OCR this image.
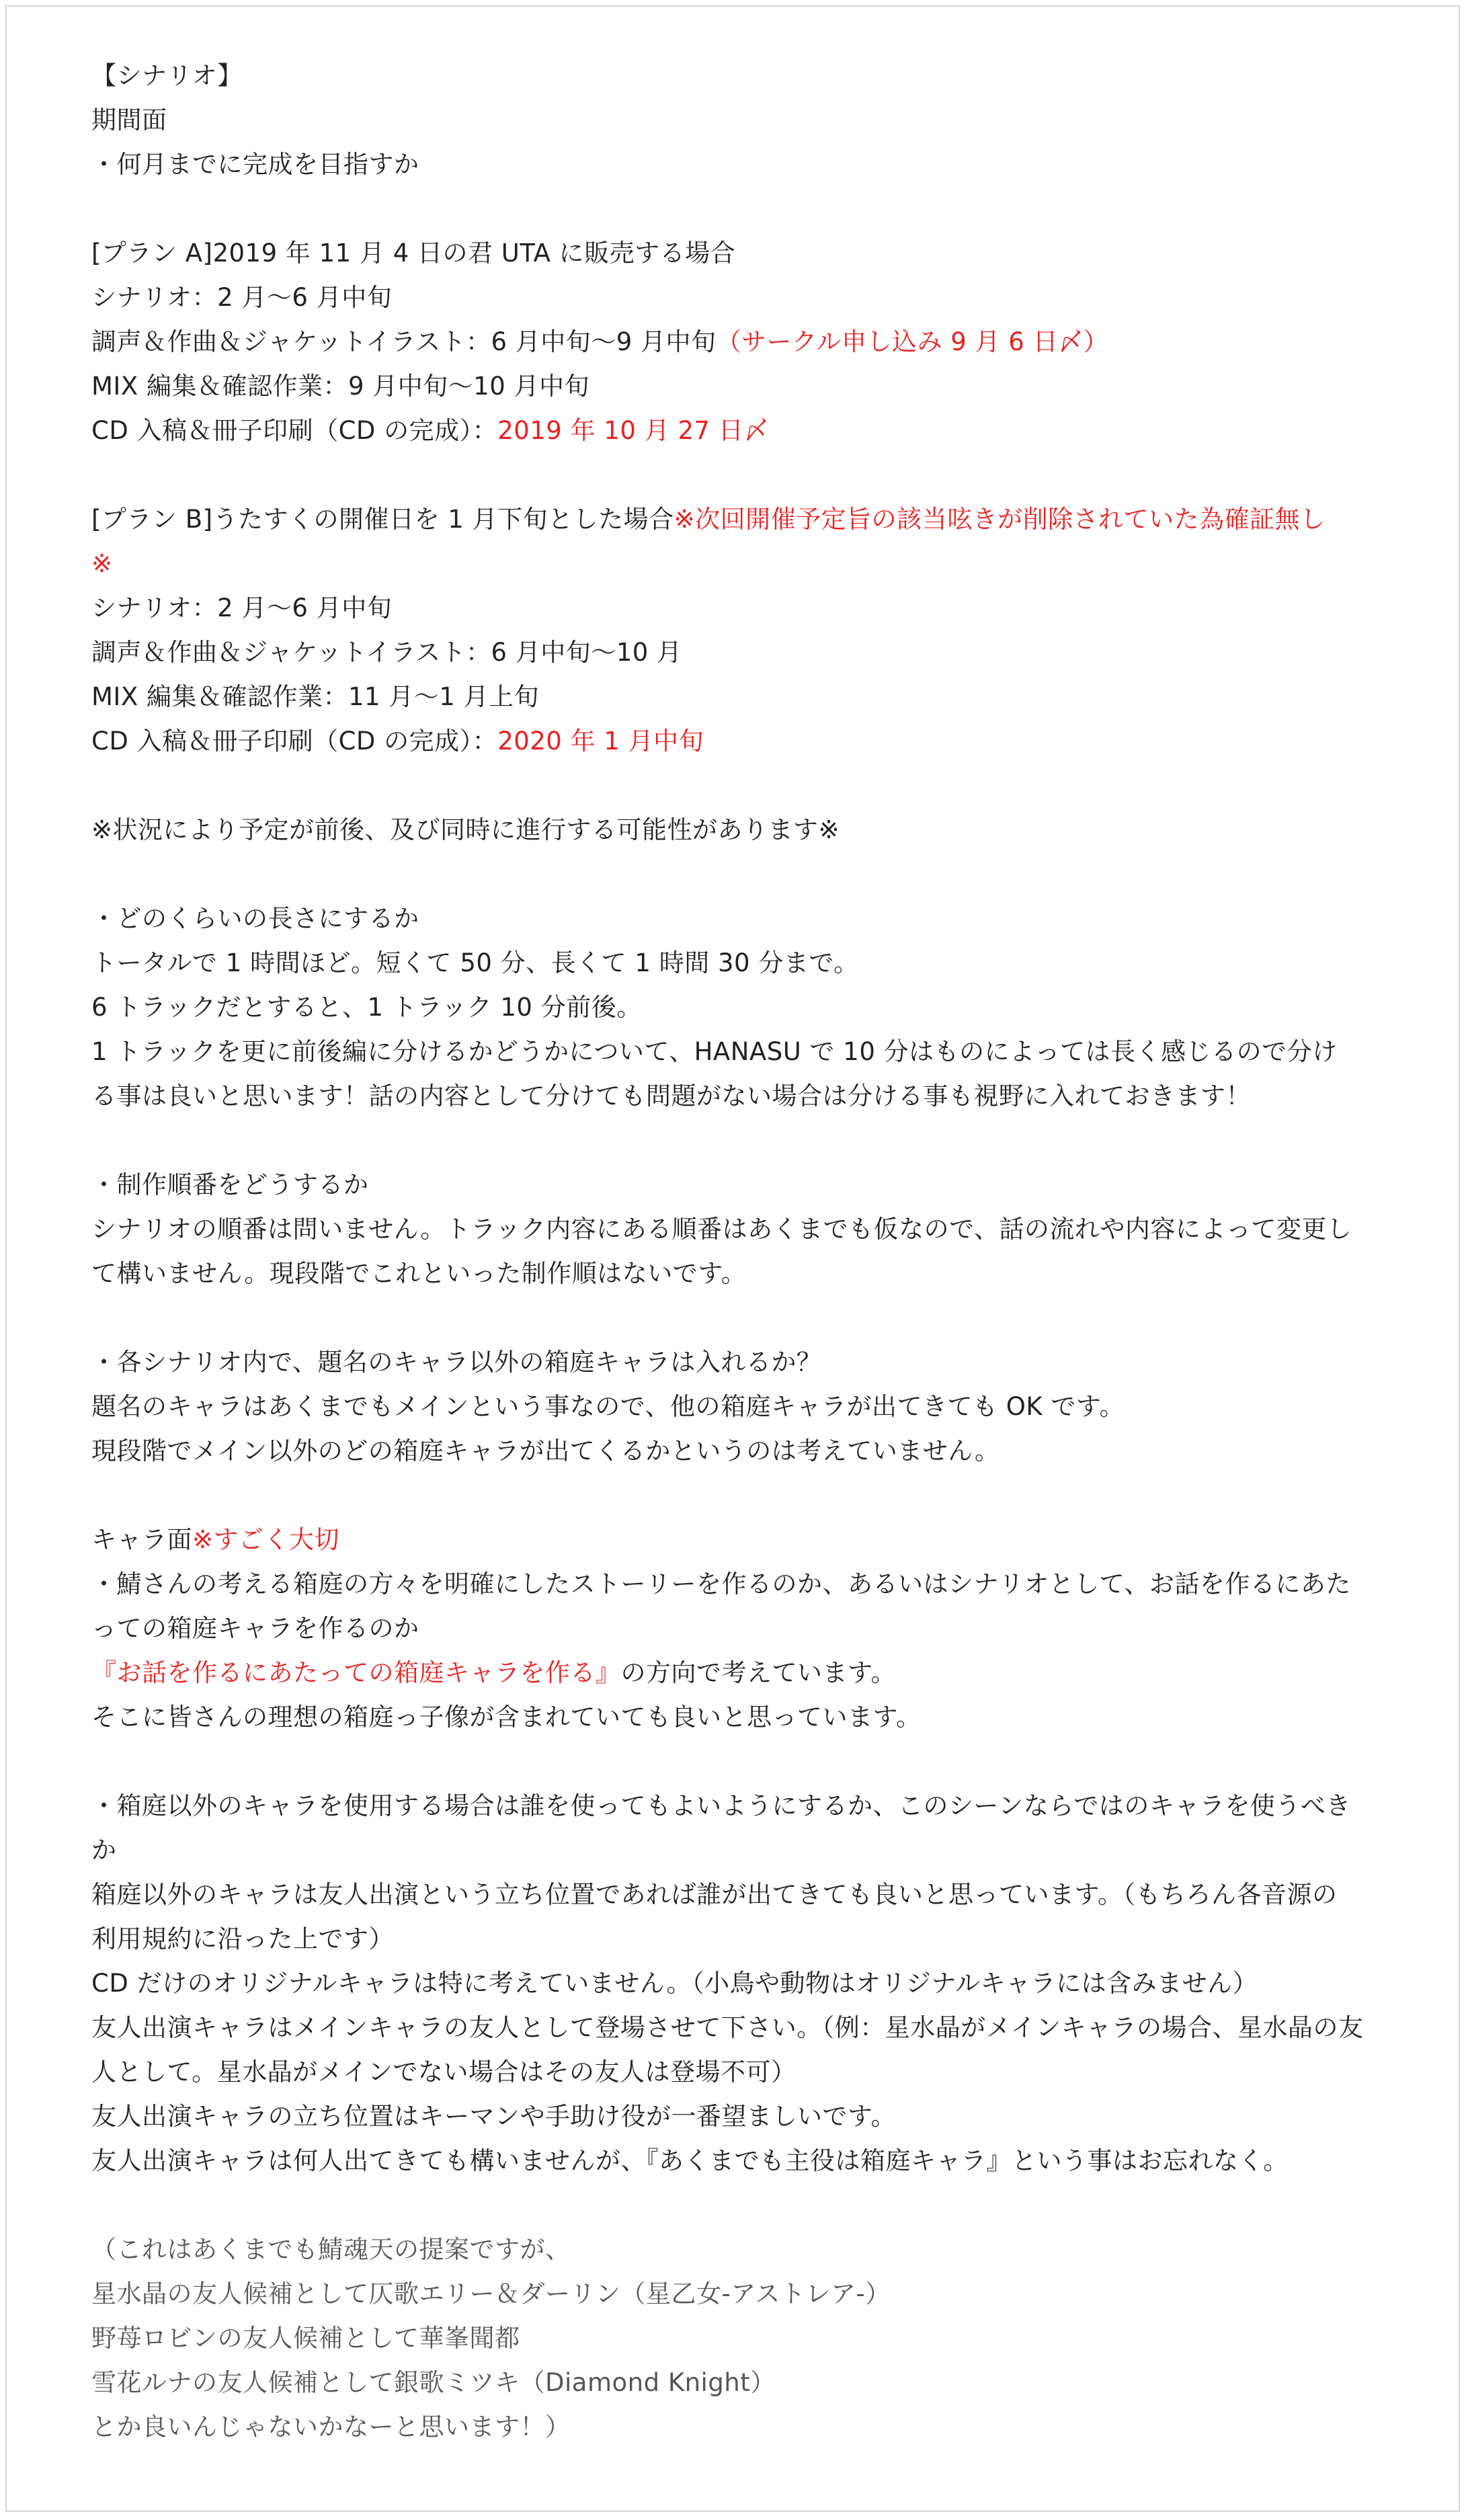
【シナリオ】
期間面
・何月までに完成を目指すか
[プラン A]2019 年 11 月 4 日の君 UTA に販売する場合
シナリオ：2 月～6 月中旬
調声＆作曲＆ジャケットイラスト：6 月中旬～9 月中旬（サークル申し込み 9 月 6 日〆）
MIX 編集＆確認作業：9 月中旬～10 月中旬
CD 入稿＆冊子印刷（CD の完成）：2019 年 10 月 27 日〆
[プラン B]うたすくの開催日を 1 月下旬とした場合※次回開催予定旨の該当呟きが削除されていた為確証無し
※
シナリオ：2 月～6 月中旬
調声＆作曲＆ジャケットイラスト：6 月中旬～10 月
MIX 編集＆確認作業：11 月～1 月上旬
CD 入稿＆冊子印刷（CD の完成）：2020 年 1 月中旬
※状況により予定が前後、及び同時に進行する可能性があります※
・どのくらいの長さにするか
トータルで 1 時間ほど。短くて 50 分、長くて 1 時間 30 分まで。
6 トラックだとすると、1 トラック 10 分前後。
1 トラックを更に前後編に分けるかどうかについて、HANASU で 10 分はものによっては長く感じるので分け
る事は良いと思います！話の内容として分けても問題がない場合は分ける事も視野に入れておきます！
・制作順番をどうするか
シナリオの順番は問いません。トラック内容にある順番はあくまでも仮なので、話の流れや内容によって変更し
て構いません。現段階でこれといった制作順はないです。
・各シナリオ内で、題名のキャラ以外の箱庭キャラは入れるか？
題名のキャラはあくまでもメインという事なので、他の箱庭キャラが出てきても OK です。
現段階でメイン以外のどの箱庭キャラが出てくるかというのは考えていません。
キャラ面※すごく大切
・鯖さんの考える箱庭の方々を明確にしたストーリーを作るのか、あるいはシナリオとして、お話を作るにあた
っての箱庭キャラを作るのか
『お話を作るにあたっての箱庭キャラを作る』の方向で考えています。
そこに皆さんの理想の箱庭っ子像が含まれていても良いと思っています。
・箱庭以外のキャラを使用する場合は誰を使ってもよいようにするか、このシーンならではのキャラを使うべき
か
箱庭以外のキャラは友人出演という立ち位置であれば誰が出てきても良いと思っています。（もちろん各音源の
利用規約に沿った上です）
CD だけのオリジナルキャラは特に考えていません。（小鳥や動物はオリジナルキャラには含みません）
友人出演キャラはメインキャラの友人として登場させて下さい。（例：星水晶がメインキャラの場合、星水晶の友
人として。星水晶がメインでない場合はその友人は登場不可）
友人出演キャラの立ち位置はキーマンや手助け役が一番望ましいです。
友人出演キャラは何人出てきても構いませんが、『あくまでも主役は箱庭キャラ』という事はお忘れなく。
（これはあくまでも鯖魂天の提案ですが、
星水晶の友人候補として仄歌エリー＆ダーリン（星乙女-アストレア-）
野苺ロビンの友人候補として華峯聞都
雪花ルナの友人候補として銀歌ミツキ（Diamond Knight）
とか良いんじゃないかなーと思います！）
